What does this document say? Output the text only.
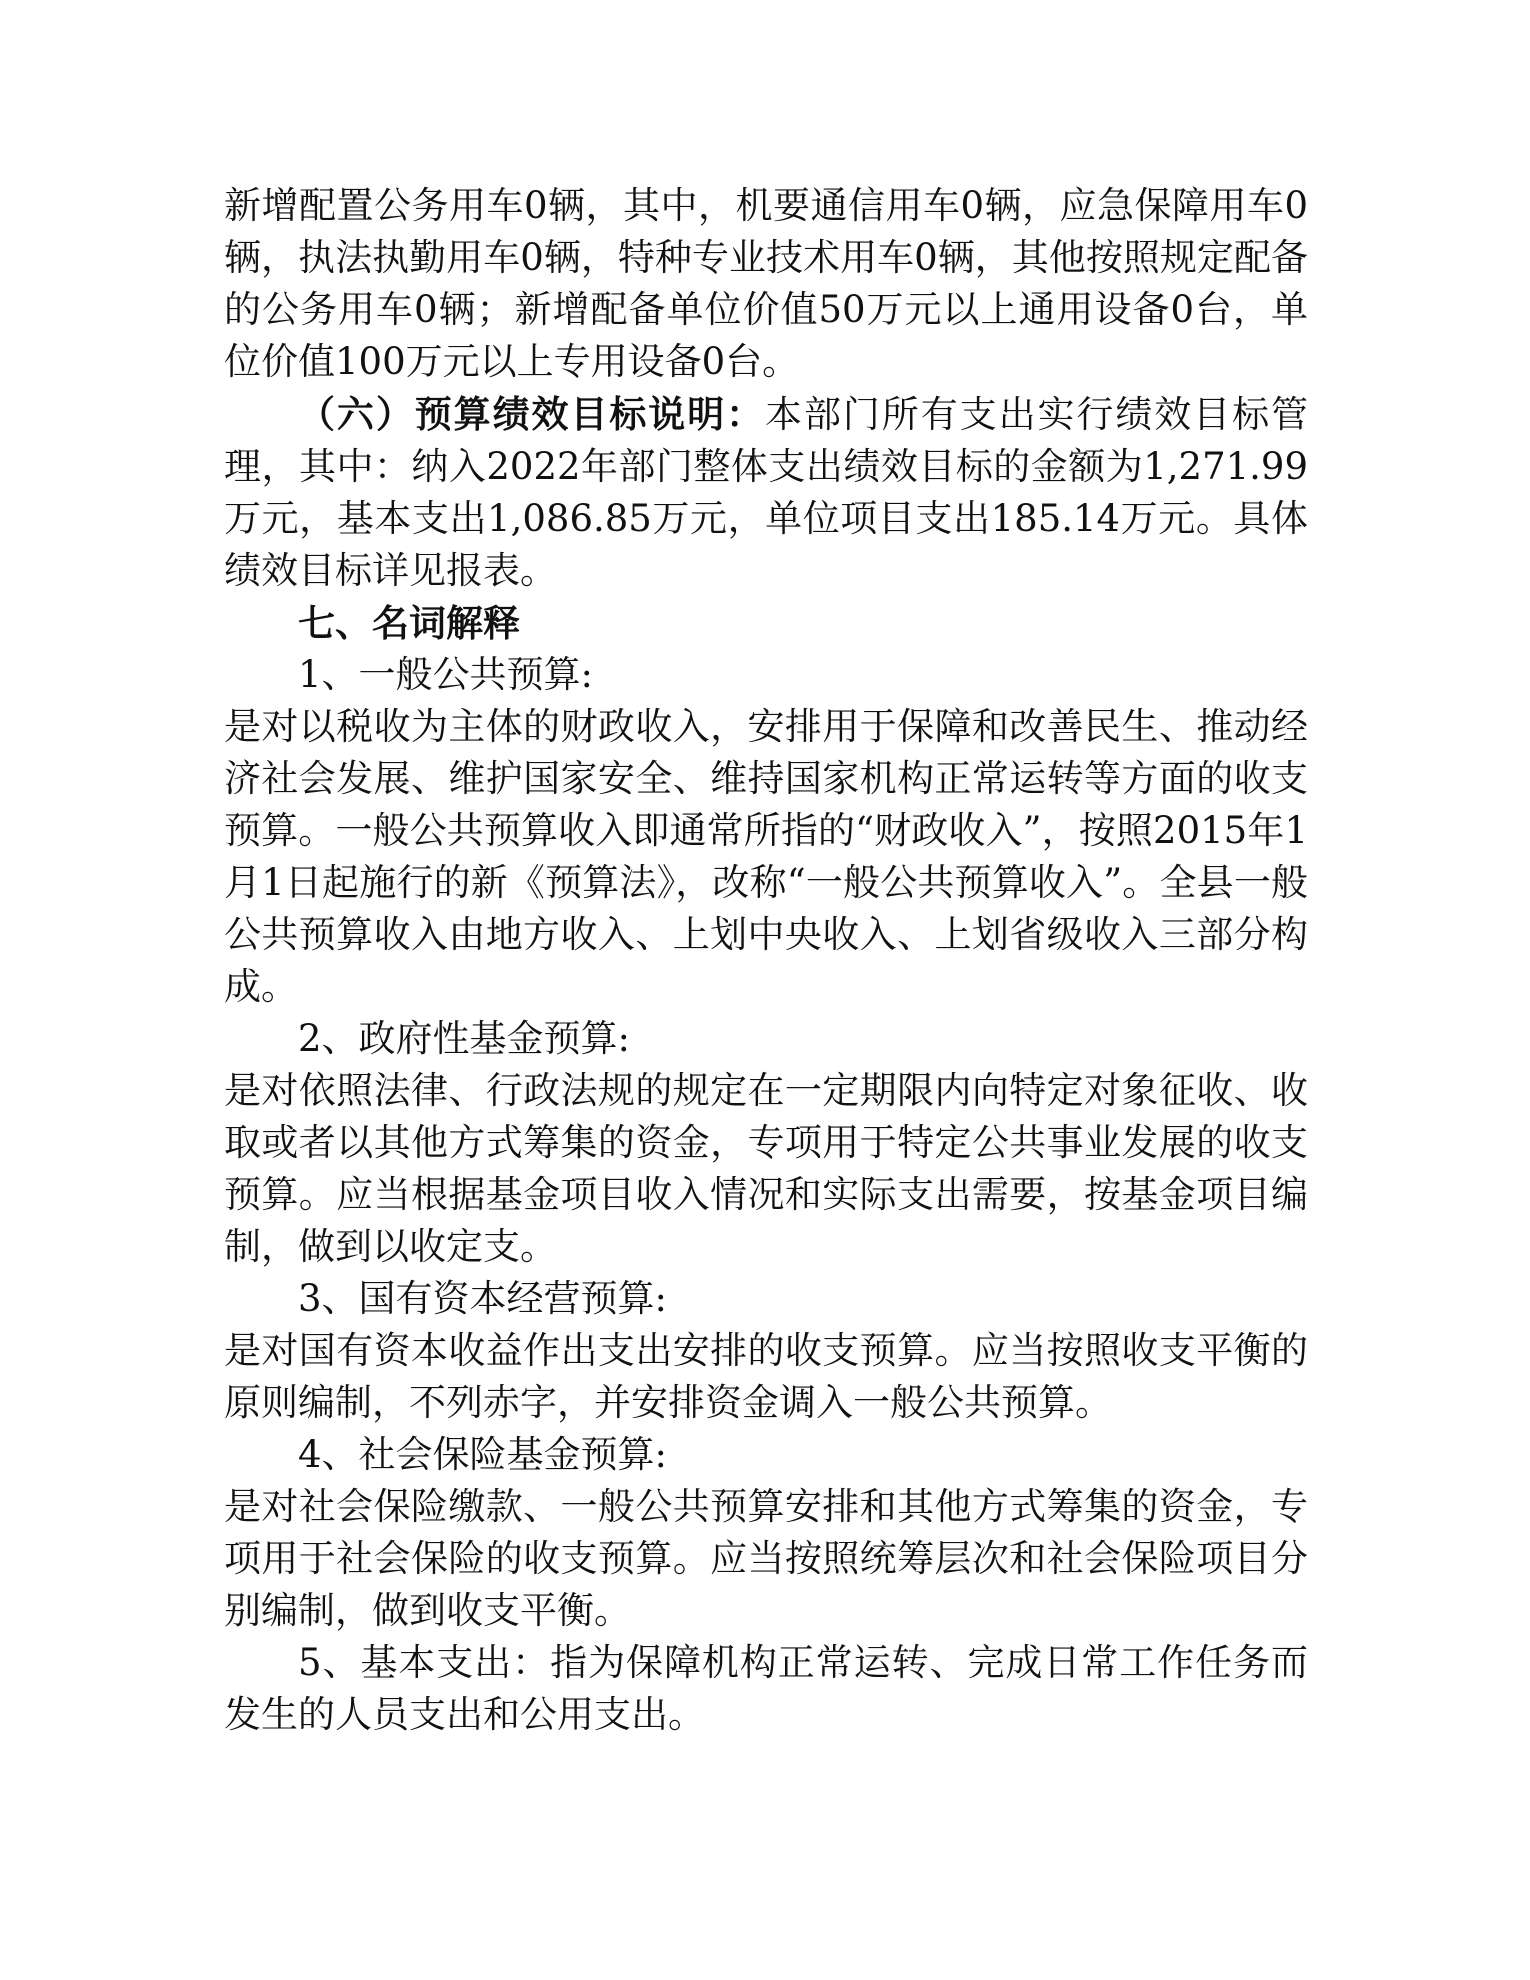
新增配置公务用车0辆，其中，机要通信用车0辆，应急保障用车0辆，执法执勤用车0辆，特种专业技术用车0辆，其他按照规定配备的公务用车0辆；新增配备单位价值50万元以上通用设备0台，单位价值100万元以上专用设备0台。

（六）预算绩效目标说明：本部门所有支出实行绩效目标管理，其中：纳入2022年部门整体支出绩效目标的金额为1,271.99万元，基本支出1,086.85万元，单位项目支出185.14万元。具体绩效目标详见报表。

七、名词解释

1、一般公共预算:

是对以税收为主体的财政收入，安排用于保障和改善民生、推动经济社会发展、维护国家安全、维持国家机构正常运转等方面的收支预算。一般公共预算收入即通常所指的“财政收入”，按照2015年1月1日起施行的新《预算法》，改称“一般公共预算收入”。全县一般公共预算收入由地方收入、上划中央收入、上划省级收入三部分构成。

2、政府性基金预算:

是对依照法律、行政法规的规定在一定期限内向特定对象征收、收取或者以其他方式筹集的资金，专项用于特定公共事业发展的收支预算。应当根据基金项目收入情况和实际支出需要，按基金项目编制，做到以收定支。

3、国有资本经营预算:

是对国有资本收益作出支出安排的收支预算。应当按照收支平衡的原则编制，不列赤字，并安排资金调入一般公共预算。

4、社会保险基金预算:

是对社会保险缴款、一般公共预算安排和其他方式筹集的资金，专项用于社会保险的收支预算。应当按照统筹层次和社会保险项目分别编制，做到收支平衡。

5、基本支出：指为保障机构正常运转、完成日常工作任务而发生的人员支出和公用支出。
